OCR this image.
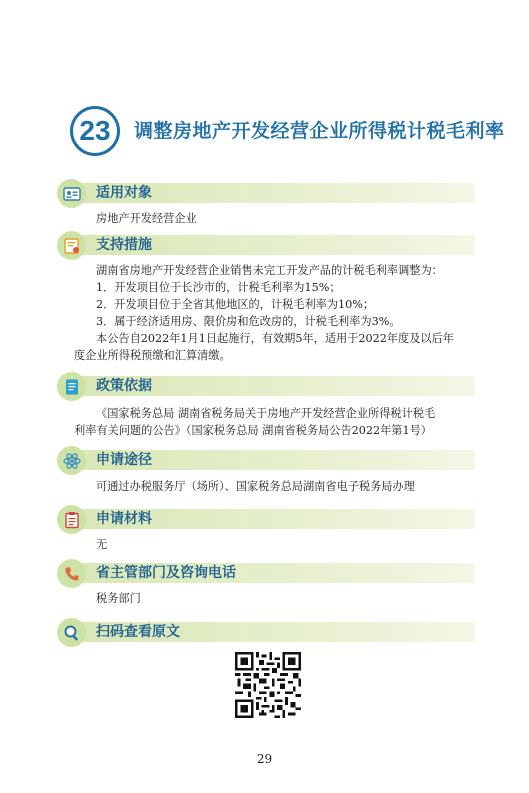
23	调整房地产开发经营企业所得税计税毛利率
适用对象
房地产开发经营企业
支持措施
湖南省房地产开发经营企业销售未完工开发产品的计税毛利率调整为：
1．开发项目位于长沙市的，计税毛利率为15%；
2．开发项目位于全省其他地区的，计税毛利率为10%；
3．属于经济适用房、限价房和危改房的，计税毛利率为3%。
本公告自2022年1月1日起施行，有效期5年，适用于2022年度及以后年
度企业所得税预缴和汇算清缴。
政策依据
《国家税务总局 湖南省税务局关于房地产开发经营企业所得税计税毛
利率有关问题的公告》（国家税务总局 湖南省税务局公告2022年第1号）
申请途径
可通过办税服务厅（场所）、国家税务总局湖南省电子税务局办理
申请材料
无
省主管部门及咨询电话
税务部门
扫码查看原文
29
